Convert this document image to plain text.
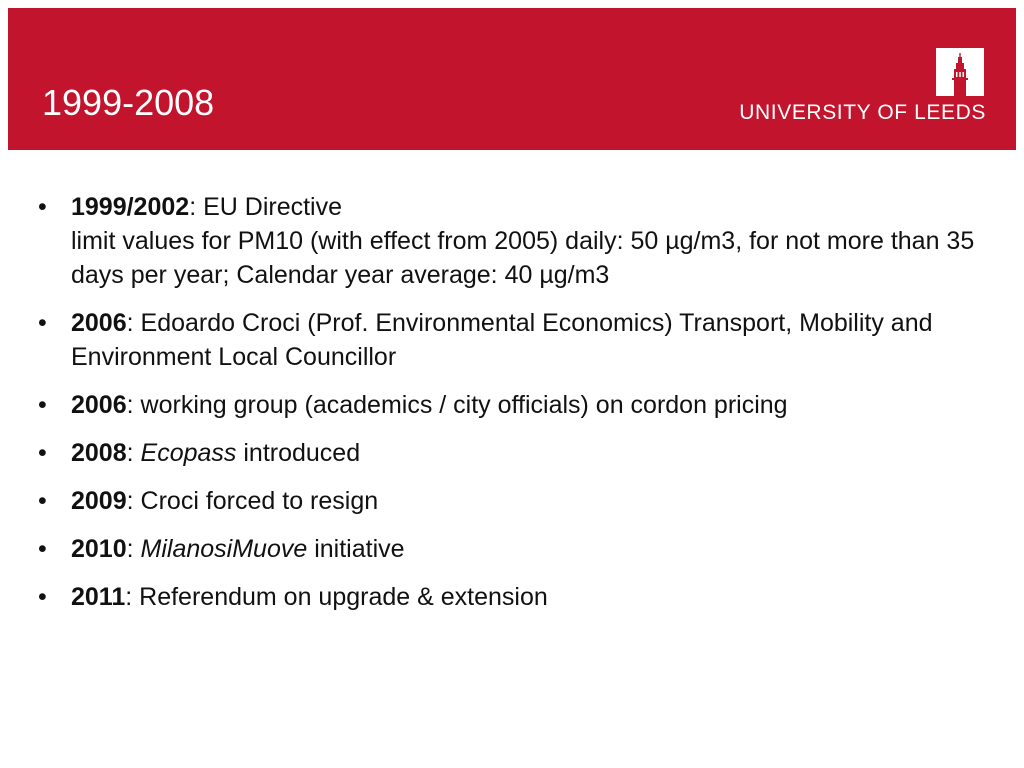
1999-2008	UNIVERSITY OF LEEDS
• 1999/2002: EU Directive
limit values for PM10 (with effect from 2005) daily: 50 µg/m3, for not more than 35 days per year; Calendar year average: 40 µg/m3
• 2006: Edoardo Croci (Prof. Environmental Economics) Transport, Mobility and Environment Local Councillor
• 2006: working group (academics / city officials) on cordon pricing
• 2008: Ecopass introduced
• 2009: Croci forced to resign
• 2010: MilanosiMuove initiative
• 2011: Referendum on upgrade & extension
